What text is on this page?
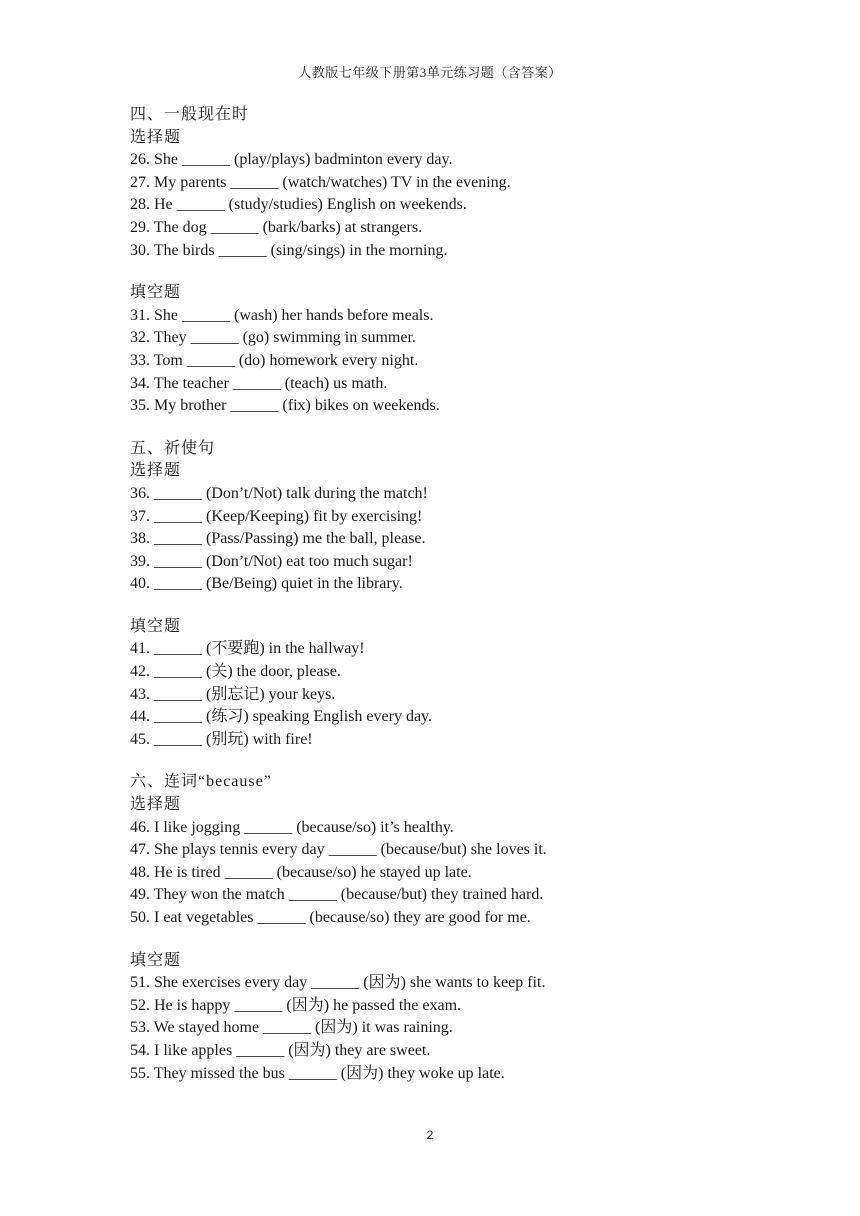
人教版七年级下册第3单元练习题（含答案）
四、一般现在时
选择题
26. She ______ (play/plays) badminton every day.
27. My parents ______ (watch/watches) TV in the evening.
28. He ______ (study/studies) English on weekends.
29. The dog ______ (bark/barks) at strangers.
30. The birds ______ (sing/sings) in the morning.
填空题
31. She ______ (wash) her hands before meals.
32. They ______ (go) swimming in summer.
33. Tom ______ (do) homework every night.
34. The teacher ______ (teach) us math.
35. My brother ______ (fix) bikes on weekends.
五、祈使句
选择题
36. ______ (Don’t/Not) talk during the match!
37. ______ (Keep/Keeping) fit by exercising!
38. ______ (Pass/Passing) me the ball, please.
39. ______ (Don’t/Not) eat too much sugar!
40. ______ (Be/Being) quiet in the library.
填空题
41. ______ (不要跑) in the hallway!
42. ______ (关) the door, please.
43. ______ (别忘记) your keys.
44. ______ (练习) speaking English every day.
45. ______ (别玩) with fire!
六、连词“because”
选择题
46. I like jogging ______ (because/so) it’s healthy.
47. She plays tennis every day ______ (because/but) she loves it.
48. He is tired ______ (because/so) he stayed up late.
49. They won the match ______ (because/but) they trained hard.
50. I eat vegetables ______ (because/so) they are good for me.
填空题
51. She exercises every day ______ (因为) she wants to keep fit.
52. He is happy ______ (因为) he passed the exam.
53. We stayed home ______ (因为) it was raining.
54. I like apples ______ (因为) they are sweet.
55. They missed the bus ______ (因为) they woke up late.
2
